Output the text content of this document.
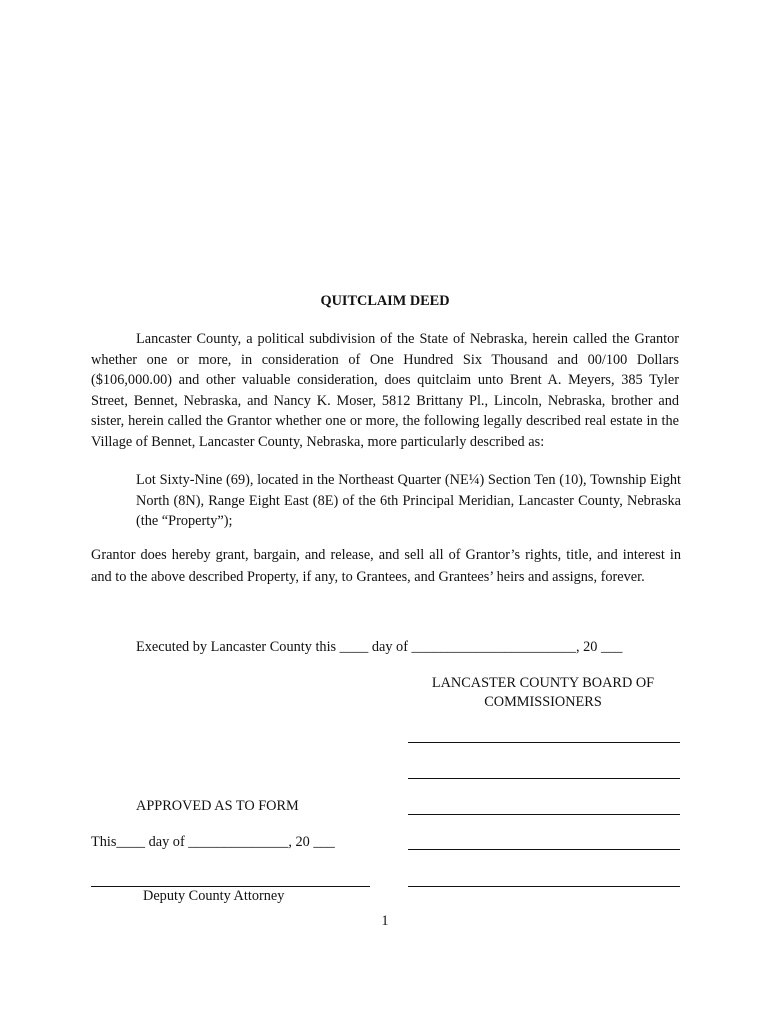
QUITCLAIM DEED

Lancaster County, a political subdivision of the State of Nebraska, herein called the Grantor whether one or more, in consideration of One Hundred Six Thousand and 00/100 Dollars ($106,000.00) and other valuable consideration, does quitclaim unto Brent A. Meyers, 385 Tyler Street, Bennet, Nebraska, and Nancy K. Moser, 5812 Brittany Pl., Lincoln, Nebraska, brother and sister, herein called the Grantor whether one or more, the following legally described real estate in the Village of Bennet, Lancaster County, Nebraska, more particularly described as:

Lot Sixty-Nine (69), located in the Northeast Quarter (NE¼) Section Ten (10), Township Eight North (8N), Range Eight East (8E) of the 6th Principal Meridian, Lancaster County, Nebraska (the “Property”);

Grantor does hereby grant, bargain, and release, and sell all of Grantor’s rights, title, and interest in and to the above described Property, if any, to Grantees, and Grantees’ heirs and assigns, forever.

Executed by Lancaster County this ____ day of _______________________, 20 ___
LANCASTER COUNTY BOARD OF
COMMISSIONERS
APPROVED AS TO FORM
This____ day of ______________, 20 ___
Deputy County Attorney
1
